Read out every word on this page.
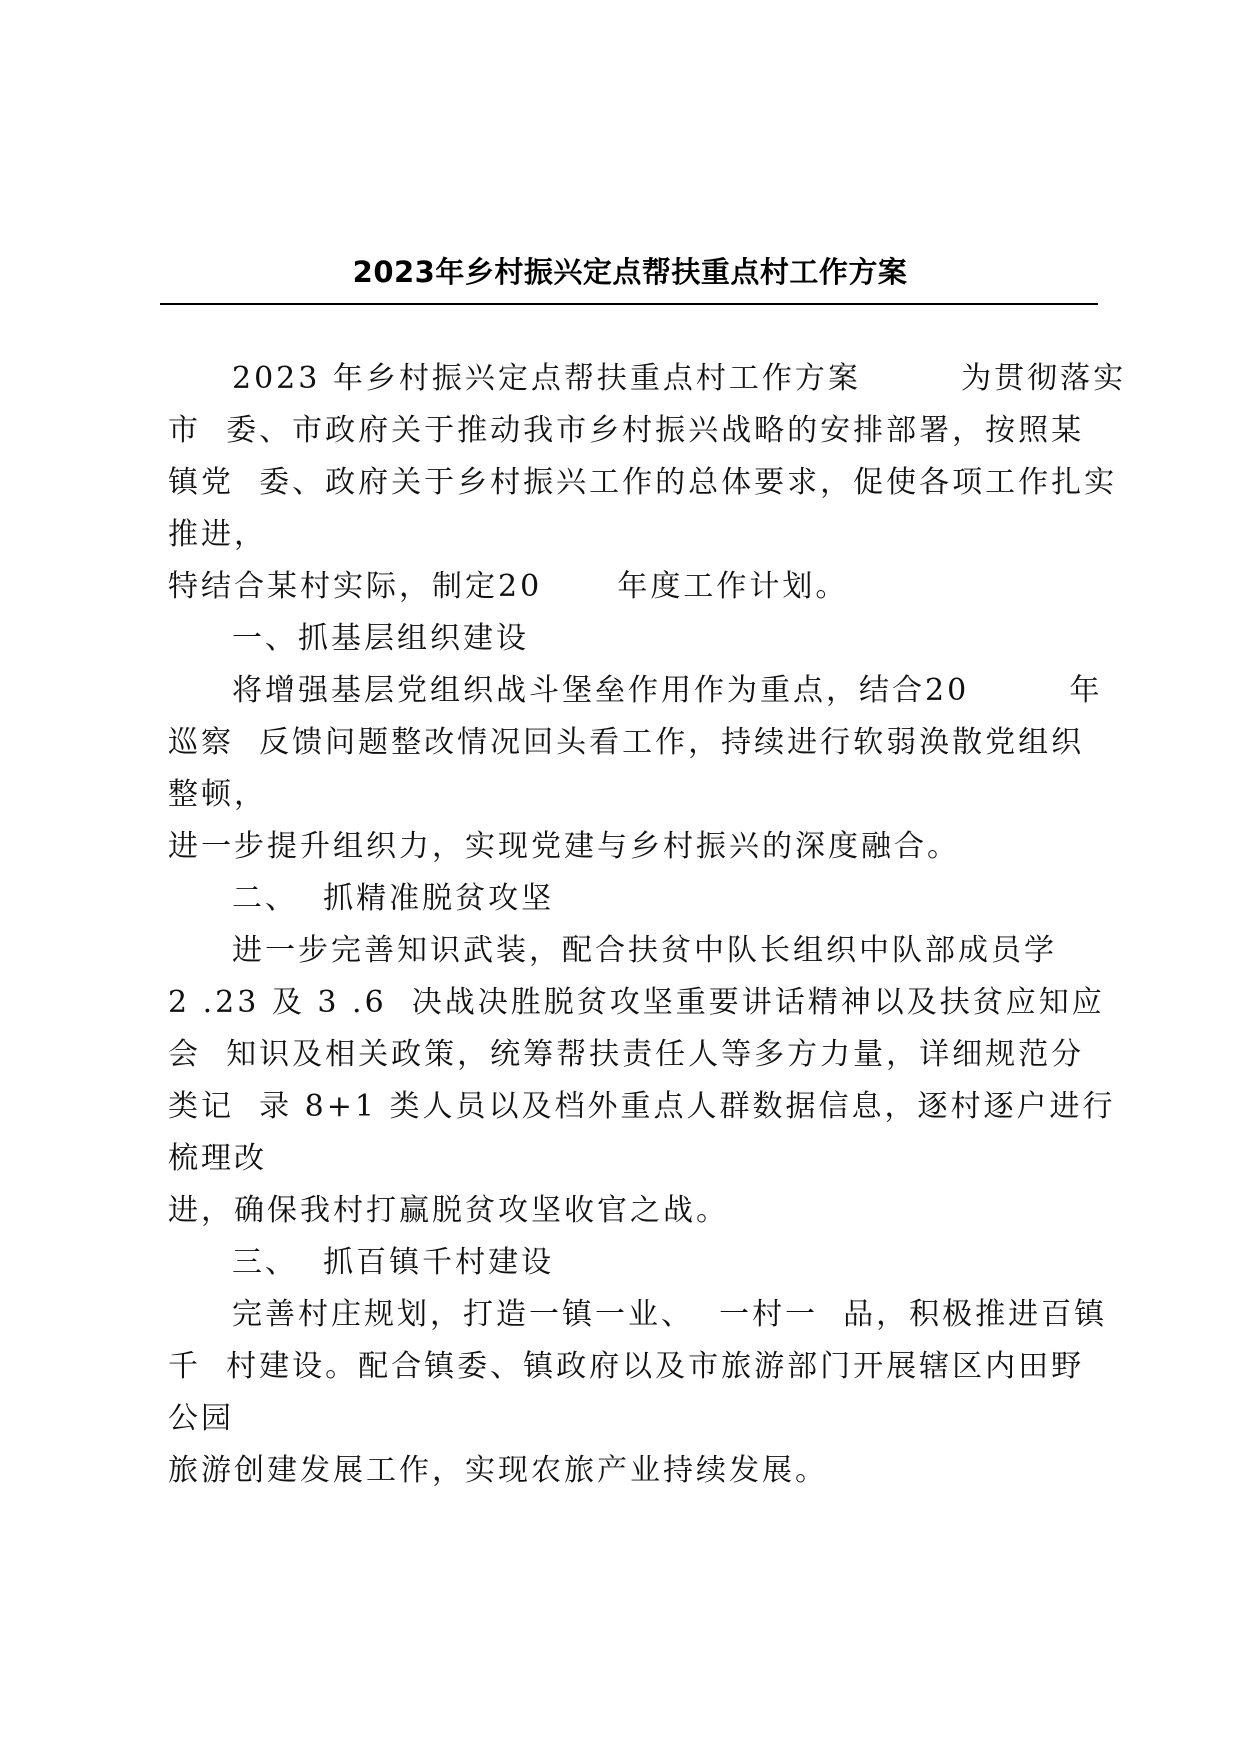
2023年乡村振兴定点帮扶重点村工作方案

2023 年乡村振兴定点帮扶重点村工作方案        为贯彻落实

市  委、市政府关于推动我市乡村振兴战略的安排部署，按照某

镇党  委、政府关于乡村振兴工作的总体要求，促使各项工作扎实

推进，

特结合某村实际，制定20      年度工作计划。

一、抓基层组织建设

将增强基层党组织战斗堡垒作用作为重点，结合20        年

巡察  反馈问题整改情况回头看工作，持续进行软弱涣散党组织

整顿，

进一步提升组织力，实现党建与乡村振兴的深度融合。

二、  抓精准脱贫攻坚

进一步完善知识武装，配合扶贫中队长组织中队部成员学

2 .23 及 3 .6  决战决胜脱贫攻坚重要讲话精神以及扶贫应知应

会  知识及相关政策，统筹帮扶责任人等多方力量，详细规范分

类记  录 8+1 类人员以及档外重点人群数据信息，逐村逐户进行

梳理改

进，确保我村打赢脱贫攻坚收官之战。

三、  抓百镇千村建设

完善村庄规划，打造一镇一业、  一村一  品，积极推进百镇

千  村建设。配合镇委、镇政府以及市旅游部门开展辖区内田野

公园

旅游创建发展工作，实现农旅产业持续发展。
